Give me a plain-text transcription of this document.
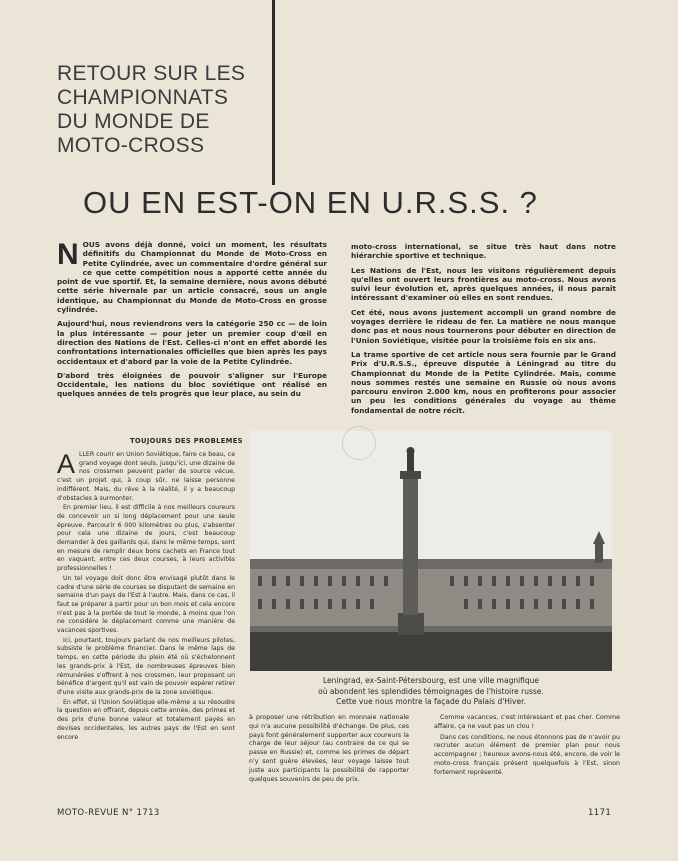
RETOUR SUR LES
CHAMPIONNATS
DU MONDE DE
MOTO-CROSS
OU EN EST-ON EN U.R.S.S. ?

NOUS avons déjà donné, voici un moment, les résultats définitifs du Championnat du Monde de Moto-Cross en Petite Cylindrée, avec un commentaire d'ordre général sur ce que cette compétition nous a apporté cette année du point de vue sportif. Et, la semaine dernière, nous avons débuté cette série hivernale par un article consacré, sous un angle identique, au Championnat du Monde de Moto-Cross en grosse cylindrée.

Aujourd'hui, nous reviendrons vers la catégorie 250 cc — de loin la plus intéressante — pour jeter un premier coup d'œil en direction des Nations de l'Est. Celles-ci n'ont en effet abordé les confrontations internationales officielles que bien après les pays occidentaux et d'abord par la voie de la Petite Cylindrée.

D'abord très éloignées de pouvoir s'aligner sur l'Europe Occidentale, les nations du bloc soviétique ont réalisé en quelques années de tels progrès que leur place, au sein du

moto-cross international, se situe très haut dans notre hiérarchie sportive et technique.

Les Nations de l'Est, nous les visitons régulièrement depuis qu'elles ont ouvert leurs frontières au moto-cross. Nous avons suivi leur évolution et, après quelques années, il nous paraît intéressant d'examiner où elles en sont rendues.

Cet été, nous avons justement accompli un grand nombre de voyages derrière le rideau de fer. La matière ne nous manque donc pas et nous nous tournerons pour débuter en direction de l'Union Soviétique, visitée pour la troisième fois en six ans.

La trame sportive de cet article nous sera fournie par le Grand Prix d'U.R.S.S., épreuve disputée à Léningrad au titre du Championnat du Monde de la Petite Cylindrée. Mais, comme nous sommes restés une semaine en Russie où nous avons parcouru environ 2.000 km, nous en profiterons pour associer un peu les conditions générales du voyage au thème fondamental de notre récit.

TOUJOURS DES PROBLEMES

ALLER courir en Union Soviétique, faire ce beau, ce grand voyage dont seuls, jusqu'ici, une dizaine de nos crossmen peuvent parler de source vécue, c'est un projet qui, à coup sûr, ne laisse personne indifférent. Mais, du rêve à la réalité, il y a beaucoup d'obstacles à surmonter.

En premier lieu, il est difficile à nos meilleurs coureurs de concevoir un si long déplacement pour une seule épreuve. Parcourir 6 000 kilomètres ou plus, s'absenter pour cela une dizaine de jours, c'est beaucoup demander à des gaillards qui, dans le même temps, sont en mesure de remplir deux bons cachets en France tout en vaquant, entre ces deux courses, à leurs activités professionnelles !

Un tel voyage doit donc être envisagé plutôt dans le cadre d'une série de courses se disputant de semaine en semaine d'un pays de l'Est à l'autre. Mais, dans ce cas, il faut se préparer à partir pour un bon mois et cela encore n'est pas à la portée de tout le monde, à moins que l'on ne considère le déplacement comme une manière de vacances sportives.

Ici, pourtant, toujours parlant de nos meilleurs pilotes, subsiste le problème financier. Dans le même laps de temps, en cette période du plein été où s'échelonnent les grands-prix à l'Est, de nombreuses épreuves bien rémunérées s'offrent à nos crossmen, leur proposant un bénéfice d'argent qu'il est vain de pouvoir espérer retirer d'une visite aux grands-prix de la zone soviétique.

En effet, si l'Union Soviétique elle-même a su résoudre la question en offrant, depuis cette année, des primes et des prix d'une bonne valeur et totalement payés en devises occidentales, les autres pays de l'Est en sont encore

Leningrad, ex-Saint-Pétersbourg, est une ville magnifique
où abondent les splendides témoignages de l'histoire russe.
Cette vue nous montre la façade du Palais d'Hiver.

à proposer une rétribution en monnaie nationale qui n'a aucune possibilité d'échange. De plus, ces pays font généralement supporter aux coureurs la charge de leur séjour (au contraire de ce qui se passe en Russie) et, comme les primes de départ n'y sont guère élevées, leur voyage laisse tout juste aux participants la possibilité de rapporter quelques souvenirs de peu de prix.

Comme vacances, c'est intéressant et pas cher. Comme affaire, ça ne vaut pas un clou !

Dans ces conditions, ne nous étonnons pas de n'avoir pu recruter aucun élément de premier plan pour nous accompagner ; heureux avons-nous été, encore, de voir le moto-cross français présent quelquefois à l'Est, sinon fortement représenté.

MOTO-REVUE N° 1713	1171
